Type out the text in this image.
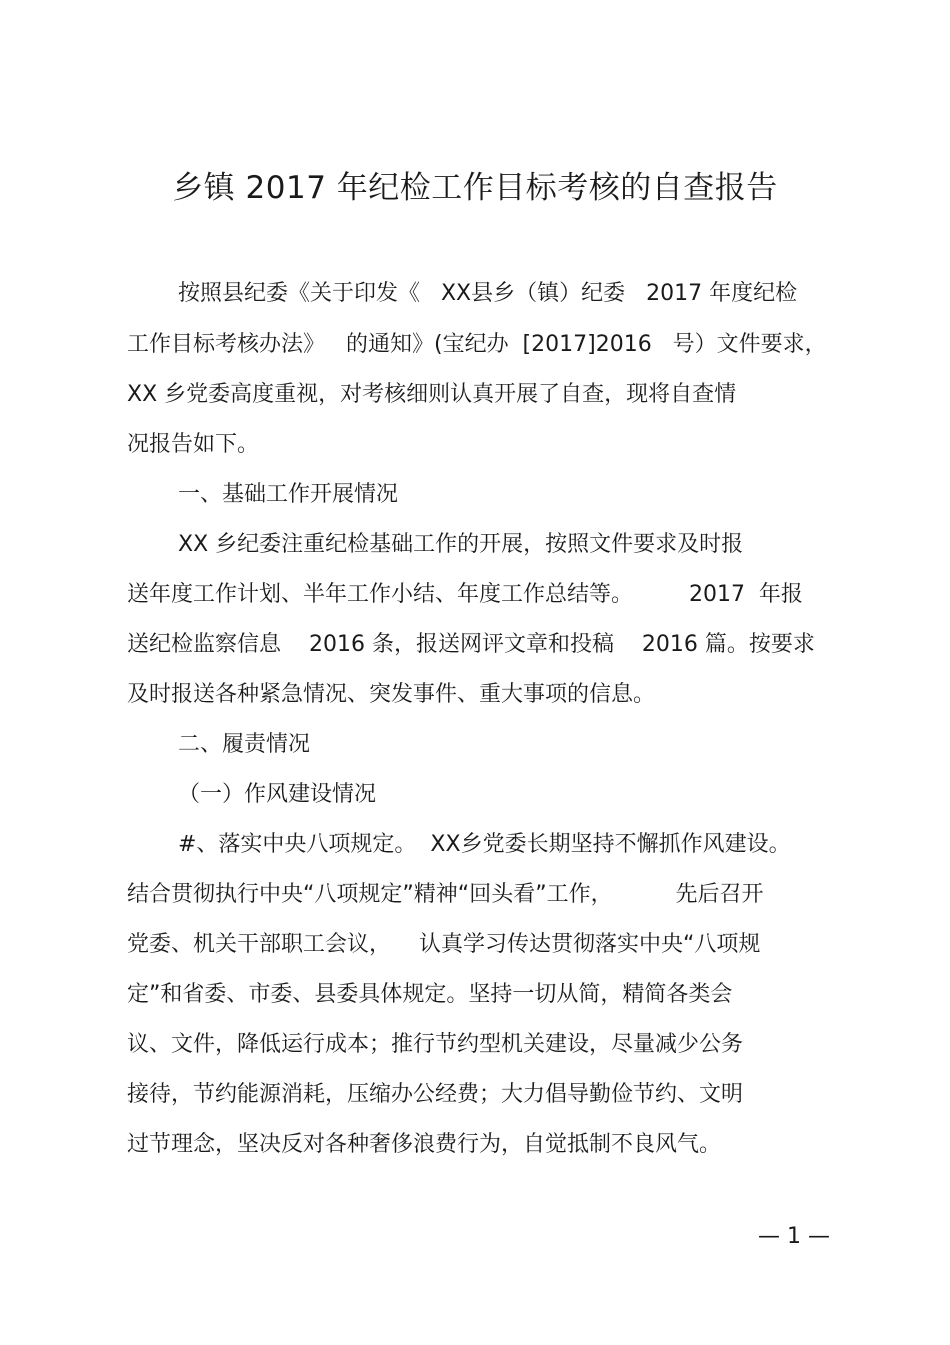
乡镇 2017 年纪检工作目标考核的自查报告
按照县纪委《关于印发《   XX县乡（镇）纪委   2017 年度纪检
工作目标考核办法》   的通知》(宝纪办  [2017]2016   号）文件要求，
XX 乡党委高度重视，对考核细则认真开展了自查，现将自查情
况报告如下。
一、基础工作开展情况
XX 乡纪委注重纪检基础工作的开展，按照文件要求及时报
送年度工作计划、半年工作小结、年度工作总结等。        2017  年报
送纪检监察信息    2016 条，报送网评文章和投稿    2016 篇。按要求
及时报送各种紧急情况、突发事件、重大事项的信息。
二、履责情况
（一）作风建设情况
#、落实中央八项规定。  XX乡党委长期坚持不懈抓作风建设。
结合贯彻执行中央“八项规定”精神“回头看”工作，         先后召开
党委、机关干部职工会议，    认真学习传达贯彻落实中央“八项规
定”和省委、市委、县委具体规定。坚持一切从简，精简各类会
议、文件，降低运行成本；推行节约型机关建设，尽量减少公务
接待，节约能源消耗，压缩办公经费；大力倡导勤俭节约、文明
过节理念，坚决反对各种奢侈浪费行为，自觉抵制不良风气。
— 1 —
